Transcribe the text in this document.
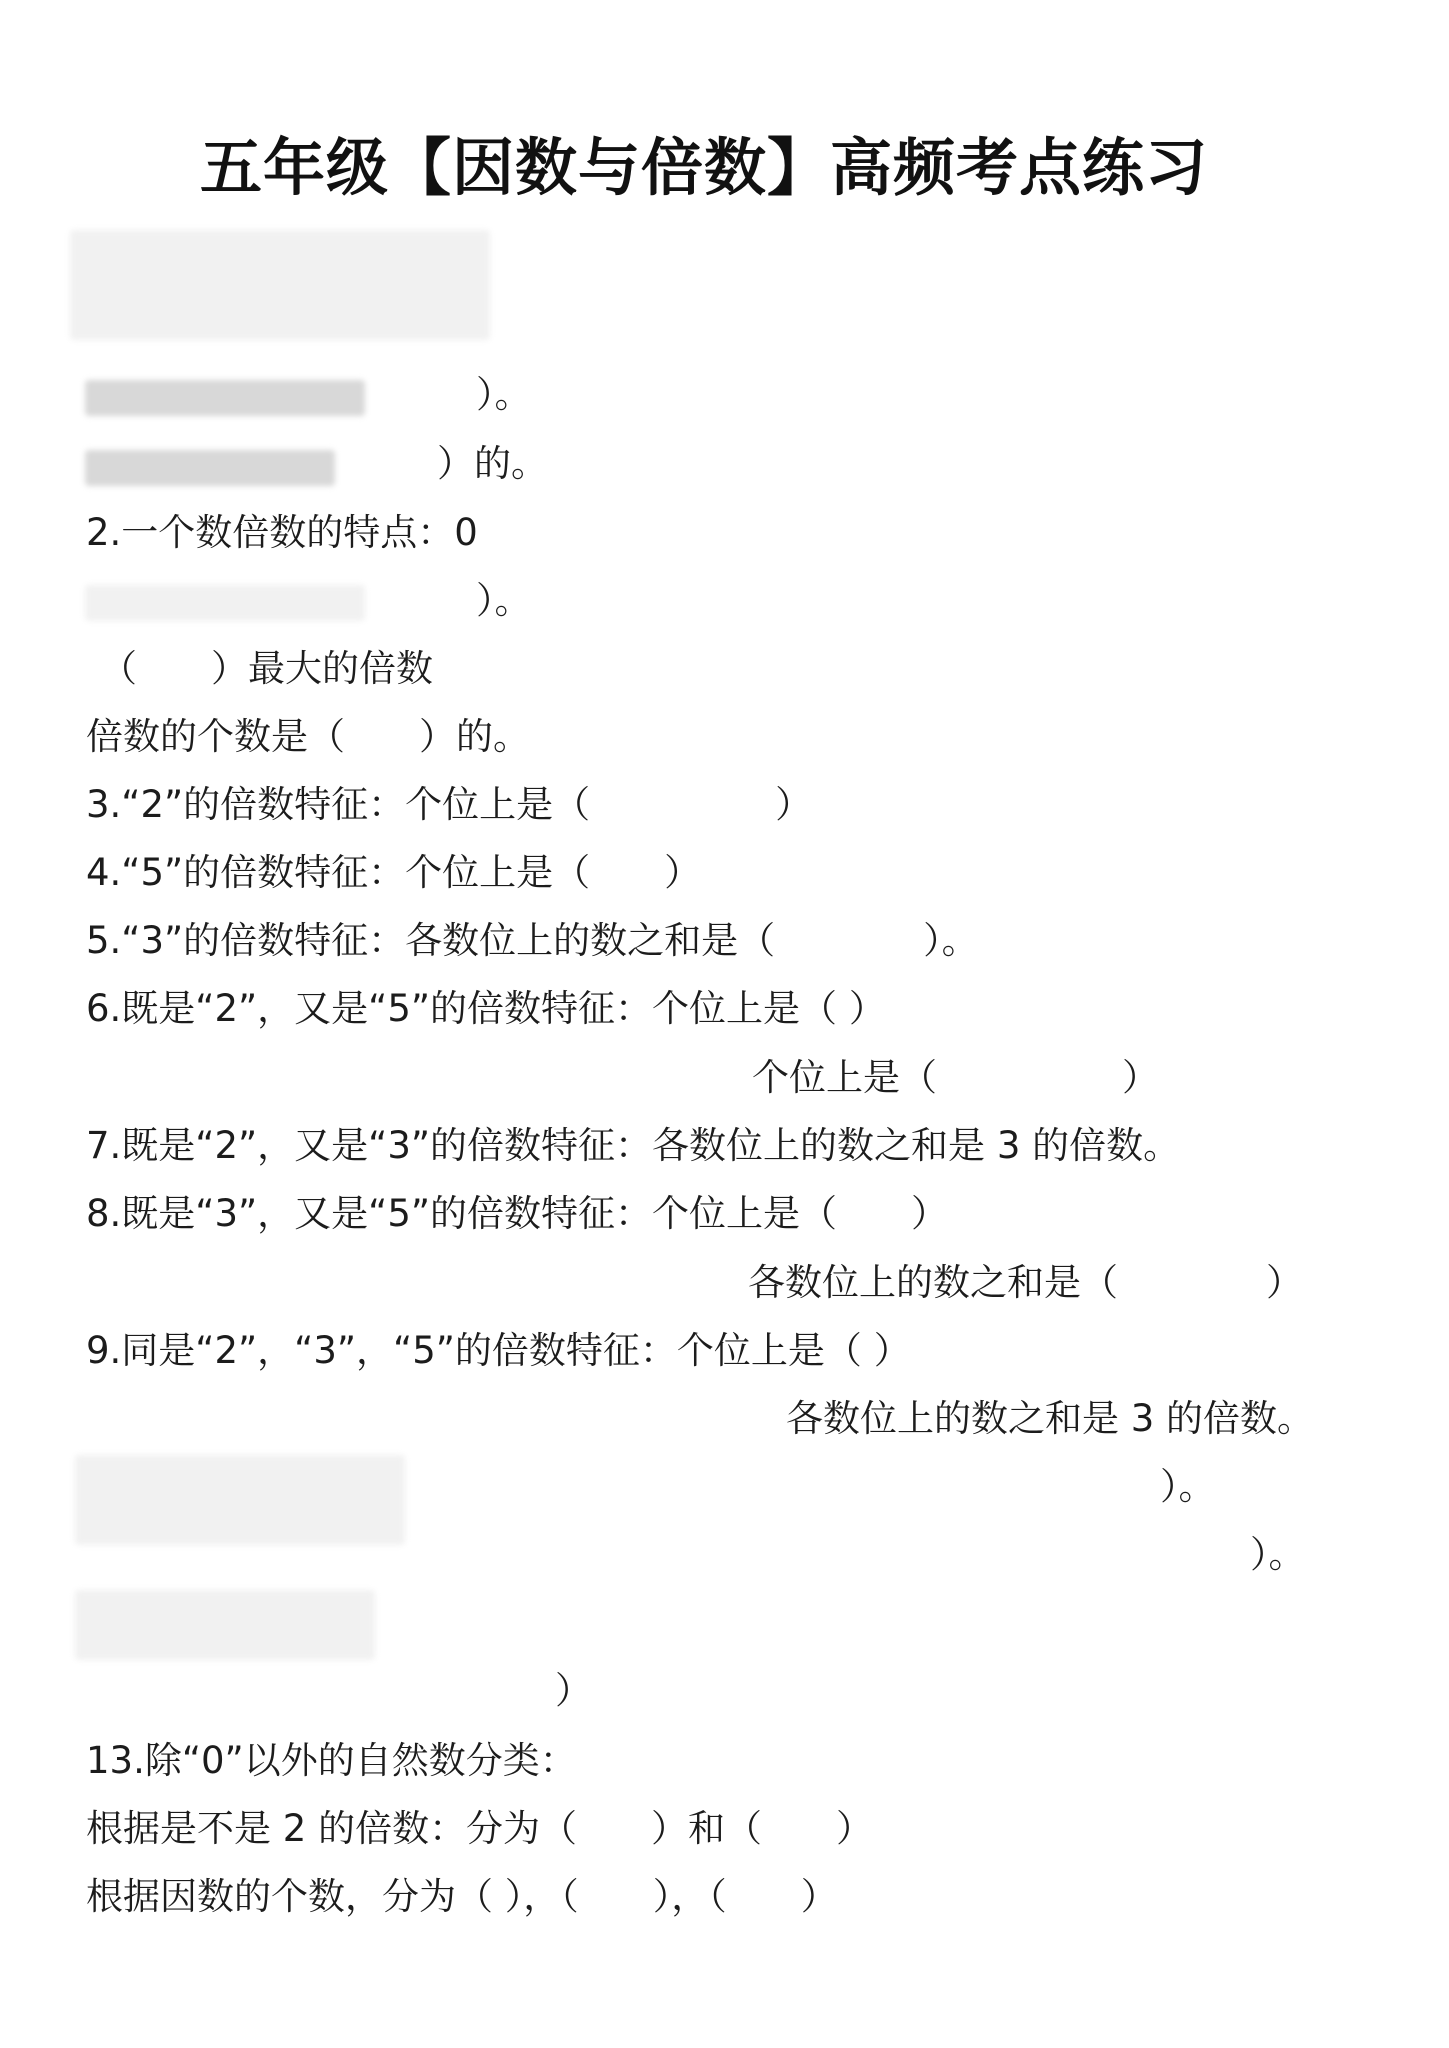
五年级【因数与倍数】高频考点练习
）。
）的。
2.一个数倍数的特点：0
）。
（　　）最大的倍数
倍数的个数是（　　）的。
3.“2”的倍数特征：个位上是（　　　　　）
4.“5”的倍数特征：个位上是（　　）
5.“3”的倍数特征：各数位上的数之和是（　　　　）。
6.既是“2”，又是“5”的倍数特征：个位上是（ ）
个位上是（　　　　　）
7.既是“2”，又是“3”的倍数特征：各数位上的数之和是 3 的倍数。
8.既是“3”，又是“5”的倍数特征：个位上是（　　）
各数位上的数之和是（　　　　）
9.同是“2”，“3”，“5”的倍数特征：个位上是（ ）
各数位上的数之和是 3 的倍数。
）。
）。
）
13.除“0”以外的自然数分类：
根据是不是 2 的倍数：分为（　　）和（　　）
根据因数的个数，分为（ ），（　　），（　　）
